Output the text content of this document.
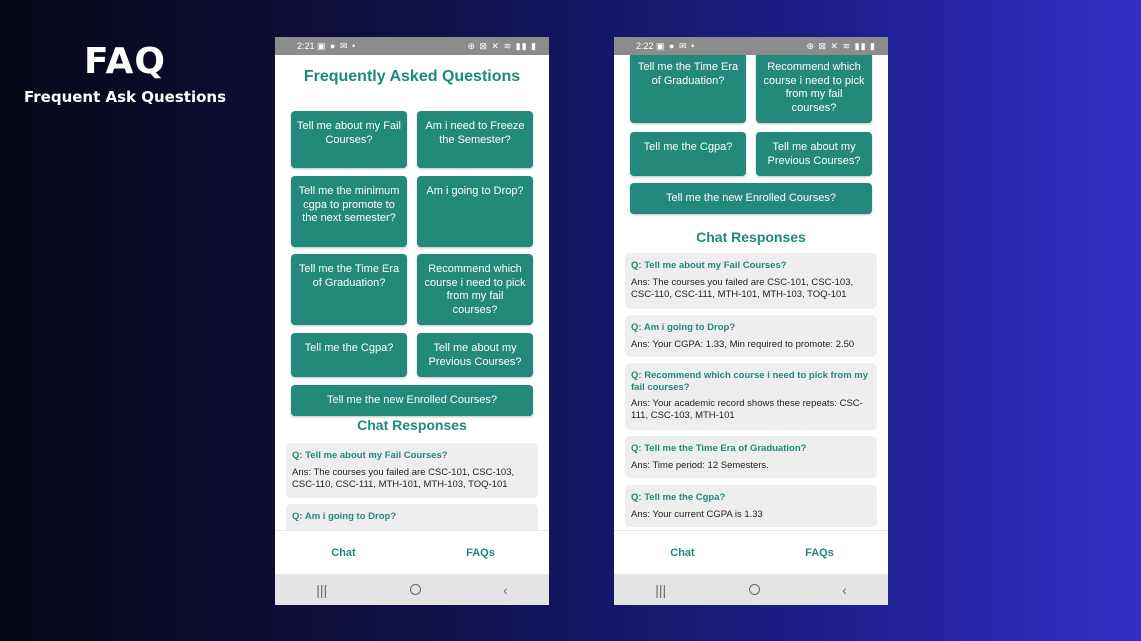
FAQ
Frequent Ask Questions
2:21 ▣ ● ✉ •	⊕ ⊠ ✕ ≋ ▮▮ ▮
Frequently Asked Questions
Tell me about my Fail Courses?
Am i need to Freeze the Semester?
Tell me the minimum cgpa to promote to the next semester?
Am i going to Drop?
Tell me the Time Era of Graduation?
Recommend which course i need to pick from my fail courses?
Tell me the Cgpa?	Tell me about my Previous Courses?
Tell me the new Enrolled Courses?
Chat Responses
Q: Tell me about my Fail Courses?
Ans: The courses you failed are CSC-101, CSC-103, CSC-110, CSC-111, MTH-101, MTH-103, TOQ-101
Q: Am i going to Drop?
Chat	FAQs
|||	‹
2:22 ▣ ● ✉ •	⊕ ⊠ ✕ ≋ ▮▮ ▮
Tell me the Time Era of Graduation?
Recommend which course i need to pick from my fail courses?
Tell me the Cgpa?	Tell me about my Previous Courses?
Tell me the new Enrolled Courses?
Chat Responses
Q: Tell me about my Fail Courses?
Ans: The courses you failed are CSC-101, CSC-103, CSC-110, CSC-111, MTH-101, MTH-103, TOQ-101
Q: Am i going to Drop?
Ans: Your CGPA: 1.33, Min required to promote: 2.50
Q: Recommend which course i need to pick from my fail courses?
Ans: Your academic record shows these repeats: CSC-111, CSC-103, MTH-101
Q: Tell me the Time Era of Graduation?
Ans: Time period: 12 Semesters.
Q: Tell me the Cgpa?
Ans: Your current CGPA is 1.33
Chat	FAQs
|||	‹
